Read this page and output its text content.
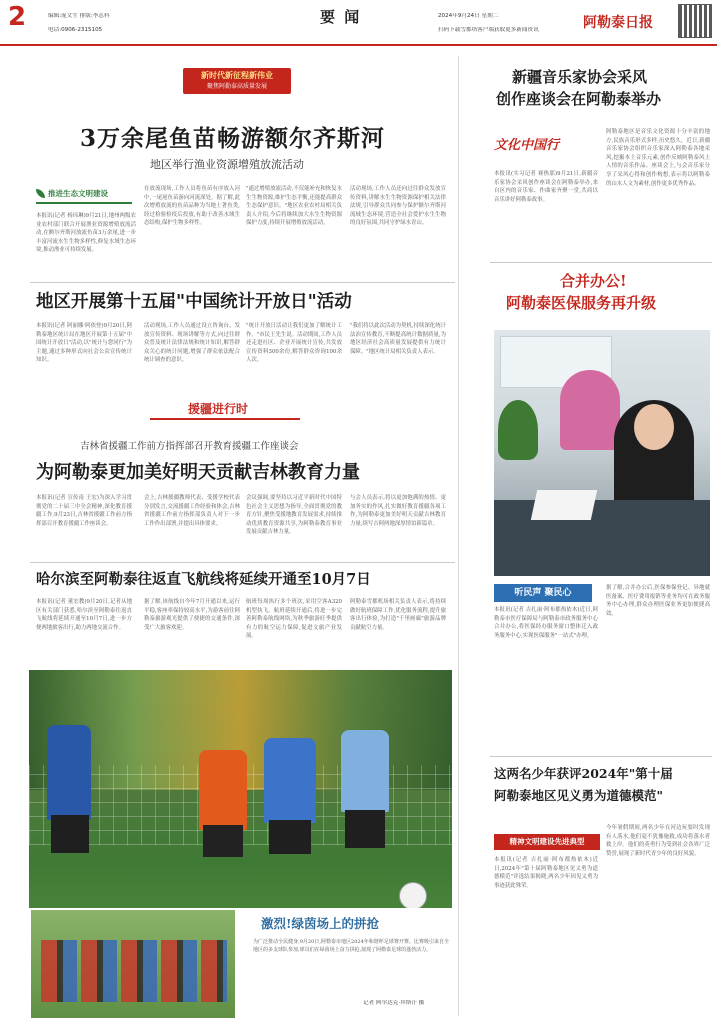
2	编辑:庞文生 排版:李志科
电话:0906-2315105
要 闻	2024年9月24日 星期二
扫码下载雪都塔客户端获取更多新闻资讯	阿勒泰日报
新时代新征程新伟业
聚焦阿勒泰高质量发展
3万余尾鱼苗畅游额尔齐斯河
地区举行渔业资源增殖放流活动
$^{推进生态文明建设}$
本报讯(记者 杨玮琳)9月21日,地州两级农业农村部门联合开展渔业资源增殖放流活动,在额尔齐斯河放流鱼苗3万余尾,进一步丰富河流水生生物多样性,修复水域生态环境,推动渔业可持续发展。
在放流现场,工作人员将鱼苗有序放入河中,一尾尾鱼苗游向河流深处。据了解,此次增殖放流的鱼苗品种为当地土著鱼类,经过检验检疫后投放,有助于改善水域生态结构,保护生物多样性。
"通过增殖放流活动,不仅能补充和恢复水生生物资源,维护生态平衡,还能提高群众生态保护意识。"地区农业农村局相关负责人介绍,今后将继续加大水生生物资源保护力度,持续开展增殖放流活动。
活动现场,工作人员还向过往群众发放宣传资料,讲解水生生物资源保护相关法律法规,引导群众共同参与保护额尔齐斯河流域生态环境,营造全社会爱护水生生物的良好氛围,共同守护绿水青山。
地区开展第十五届"中国统计开放日"活动
本报讯(记者 阿丽娜·阿依登)9月20日,阿勒泰地区统计局在地区开展第十五届"中国统计开放日"活动,以"统计与您同行"为主题,通过多种形式向社会公众宣传统计知识。
活动现场,工作人员通过设立咨询台、发放宣传资料、现场讲解等方式,向过往群众普及统计法律法规和统计知识,解答群众关心的统计问题,增强了群众依法配合统计调查的意识。
"统计开放日活动让我们更加了解统计工作。"市民王先生说。活动期间,工作人员还走进社区、企业开展统计宣传,共发放宣传资料300余份,解答群众咨询100余人次。
"我们将以此次活动为契机,持续深化统计法治宣传教育,不断提高统计数据质量,为地区经济社会高质量发展提供有力统计保障。"地区统计局相关负责人表示。
援疆进行时
吉林省援疆工作前方指挥部召开教育援疆工作座谈会
为阿勒泰更加美好明天贡献吉林教育力量
本报讯(记者 宣传南 王宏)为深入学习贯彻党的二十届三中全会精神,深化教育援疆工作,9月23日,吉林省援疆工作前方指挥部召开教育援疆工作座谈会。
会上,吉林援疆教师代表、受援学校代表分别发言,交流援疆工作经验和体会,吉林省援疆工作前方指挥部负责人对下一步工作作出部署,并提出具体要求。
会议强调,要坚持以习近平新时代中国特色社会主义思想为指导,全面贯彻党的教育方针,聚焦受援地教育发展需求,持续推动优质教育资源共享,为阿勒泰教育事业发展贡献吉林力量。
与会人员表示,将以更加饱满的热情、更加务实的作风,扎实做好教育援疆各项工作,为阿勒泰更加美好明天贡献吉林教育力量,续写吉阿两地深厚情谊新篇章。
哈尔滨至阿勒泰往返直飞航线将延续开通至10月7日
本报讯(记者 董宏教)9月20日,记者从地区有关部门获悉,哈尔滨至阿勒泰往返直飞航线将延续开通至10月7日,进一步方便两地旅客出行,助力两地交流合作。
据了解,该航线自今年7月开通以来,运行平稳,客座率保持较高水平,为游客前往阿勒泰旅游观光提供了便捷的交通条件,深受广大旅客欢迎。
航班每周执行多个班次,采用空客A320机型执飞。航班延续开通后,将进一步完善阿勒泰航线网络,为秋季旅游旺季提供有力的航空运力保障,促进文旅产业发展。
阿勒泰雪都机场相关负责人表示,将持续做好航班保障工作,优化服务流程,提升旅客出行体验,为打造"千里画廊"旅游品牌贡献航空力量。
激烈!绿茵场上的拼抢
为广泛推动全民健身,9月20日,阿勒泰市地区2024年和谐杯足球赛开赛。比赛吸引来自全地区的多支球队参加,球员们在绿茵场上奋力拼抢,展现了阿勒泰足球的蓬勃活力。
记者 阿尔达克·拜斯汗 摄
新疆音乐家协会采风
创作座谈会在阿勒泰举办
文化中国行
本报讯(实习记者 赛热那)9月21日,新疆音乐家协会采风创作座谈会在阿勒泰举办,来自区内的音乐家、作曲家齐聚一堂,共商以音乐讲好阿勒泰故事。
阿勒泰地区是音乐文化资源十分丰富的地方,民族音乐形式多样,历史悠久。近日,新疆音乐家协会组织音乐家深入阿勒泰各地采风,挖掘本土音乐元素,创作反映阿勒泰风土人情的音乐作品。座谈会上,与会音乐家分享了采风心得和创作构想,表示将以阿勒泰的山水人文为素材,创作更多优秀作品。
合并办公!
阿勒泰医保服务再升级
听民声 聚民心
本报讯(记者 吉扎丽·阿布都热依木)近日,阿勒泰市医疗保障局与阿勒泰市政务服务中心合并办公,将医保经办服务窗口整体迁入政务服务中心,实现医保服务"一站式"办理。
据了解,合并办公后,医保参保登记、异地就医备案、医疗费用报销等业务均可在政务服务中心办理,群众办理医保业务更加便捷高效。
这两名少年获评2024年"第十届
阿勒泰地区见义勇为道德模范"
精神文明建设先进典型
本报讯(记者 吉扎丽·阿布都热依木)近日,2024年"第十届阿勒泰地区见义勇为道德模范"评选结果揭晓,两名少年因见义勇为事迹获此殊荣。
今年暑假期间,两名少年在河边玩耍时发现有人落水,他们毫不犹豫施救,成功将落水者救上岸。他们的英勇行为受到社会各界广泛赞誉,展现了新时代青少年的良好风貌。
